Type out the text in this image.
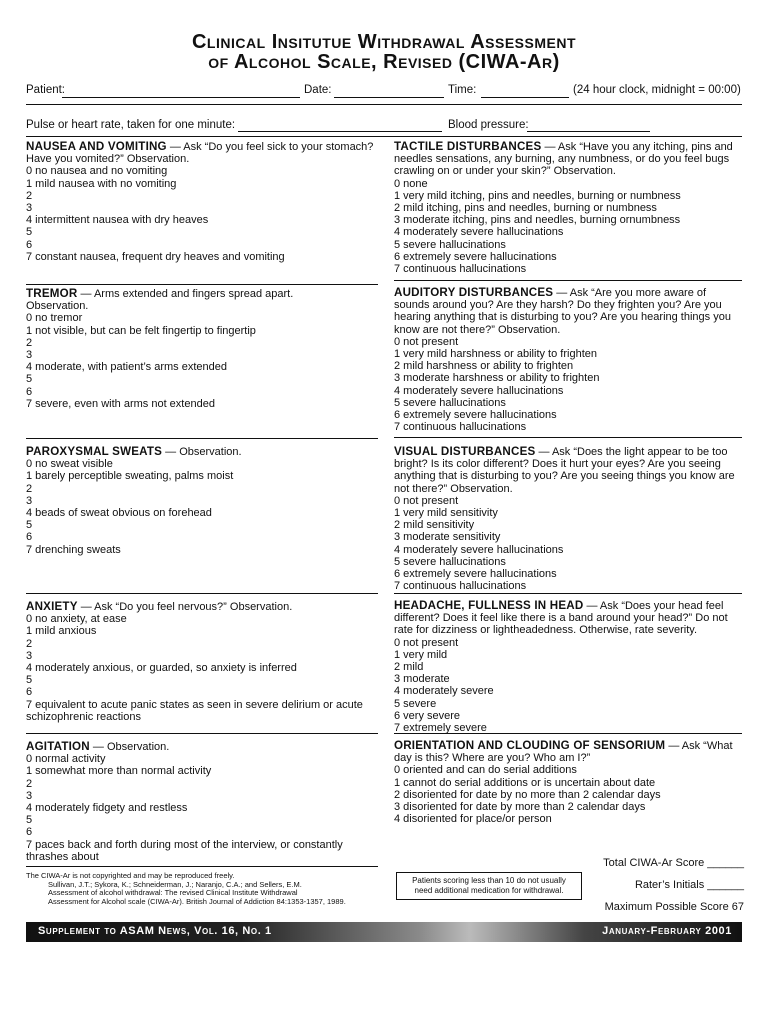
Clinical Insitutue Withdrawal Assessment
of Alcohol Scale, Revised (CIWA-Ar)
Patient:	Date:	Time:	(24 hour clock, midnight = 00:00)
Pulse or heart rate, taken for one minute:	Blood pressure:
NAUSEA AND VOMITING — Ask “Do you feel sick to your stomach? Have you vomited?” Observation.
0 no nausea and no vomiting
1 mild nausea with no vomiting
2
3
4 intermittent nausea with dry heaves
5
6
7 constant nausea, frequent dry heaves and vomiting
TREMOR — Arms extended and fingers spread apart. Observation.
0 no tremor
1 not visible, but can be felt fingertip to fingertip
2
3
4 moderate, with patient’s arms extended
5
6
7 severe, even with arms not extended
PAROXYSMAL SWEATS — Observation.
0 no sweat visible
1 barely perceptible sweating, palms moist
2
3
4 beads of sweat obvious on forehead
5
6
7 drenching sweats
ANXIETY — Ask “Do you feel nervous?” Observation.
0 no anxiety, at ease
1 mild anxious
2
3
4 moderately anxious, or guarded, so anxiety is inferred
5
6
7 equivalent to acute panic states as seen in severe delirium or acute schizophrenic reactions
AGITATION — Observation.
0 normal activity
1 somewhat more than normal activity
2
3
4 moderately fidgety and restless
5
6
7 paces back and forth during most of the interview, or constantly thrashes about
TACTILE DISTURBANCES — Ask “Have you any itching, pins and needles sensations, any burning, any numbness, or do you feel bugs crawling on or under your skin?” Observation.
0 none
1 very mild itching, pins and needles, burning or numbness
2 mild itching, pins and needles, burning or numbness
3 moderate itching, pins and needles, burning ornumbness
4 moderately severe hallucinations
5 severe hallucinations
6 extremely severe hallucinations
7 continuous hallucinations
AUDITORY DISTURBANCES — Ask “Are you more aware of sounds around you? Are they harsh? Do they frighten you? Are you hearing anything that is disturbing to you? Are you hearing things you know are not there?” Observation.
0 not present
1 very mild harshness or ability to frighten
2 mild harshness or ability to frighten
3 moderate harshness or ability to frighten
4 moderately severe hallucinations
5 severe hallucinations
6 extremely severe hallucinations
7 continuous hallucinations
VISUAL DISTURBANCES — Ask “Does the light appear to be too bright? Is its color different? Does it hurt your eyes? Are you seeing anything that is disturbing to you? Are you seeing things you know are not there?” Observation.
0 not present
1 very mild sensitivity
2 mild sensitivity
3 moderate sensitivity
4 moderately severe hallucinations
5 severe hallucinations
6 extremely severe hallucinations
7 continuous hallucinations
HEADACHE, FULLNESS IN HEAD — Ask “Does your head feel different? Does it feel like there is a band around your head?” Do not rate for dizziness or lightheadedness. Otherwise, rate severity.
0 not present
1 very mild
2 mild
3 moderate
4 moderately severe
5 severe
6 very severe
7 extremely severe
ORIENTATION AND CLOUDING OF SENSORIUM — Ask “What day is this? Where are you? Who am I?”
0 oriented and can do serial additions
1 cannot do serial additions or is uncertain about date
2 disoriented for date by no more than 2 calendar days
3 disoriented for date by more than 2 calendar days
4 disoriented for place/or person
The CIWA-Ar is not copyrighted and may be reproduced freely.
Sullivan, J.T.; Sykora, K.; Schneiderman, J.; Naranjo, C.A.; and Sellers, E.M.
Assessment of alcohol withdrawal: The revised Clinical Institute Withdrawal
Assessment for Alcohol scale (CIWA-Ar). British Journal of Addiction 84:1353-1357, 1989.
Patients scoring less than 10 do not usually need additional medication for withdrawal.
Total CIWA-Ar Score ______
Rater’s Initials ______
Maximum Possible Score 67
Supplement to ASAM News, Vol. 16, No. 1	January-February 2001
